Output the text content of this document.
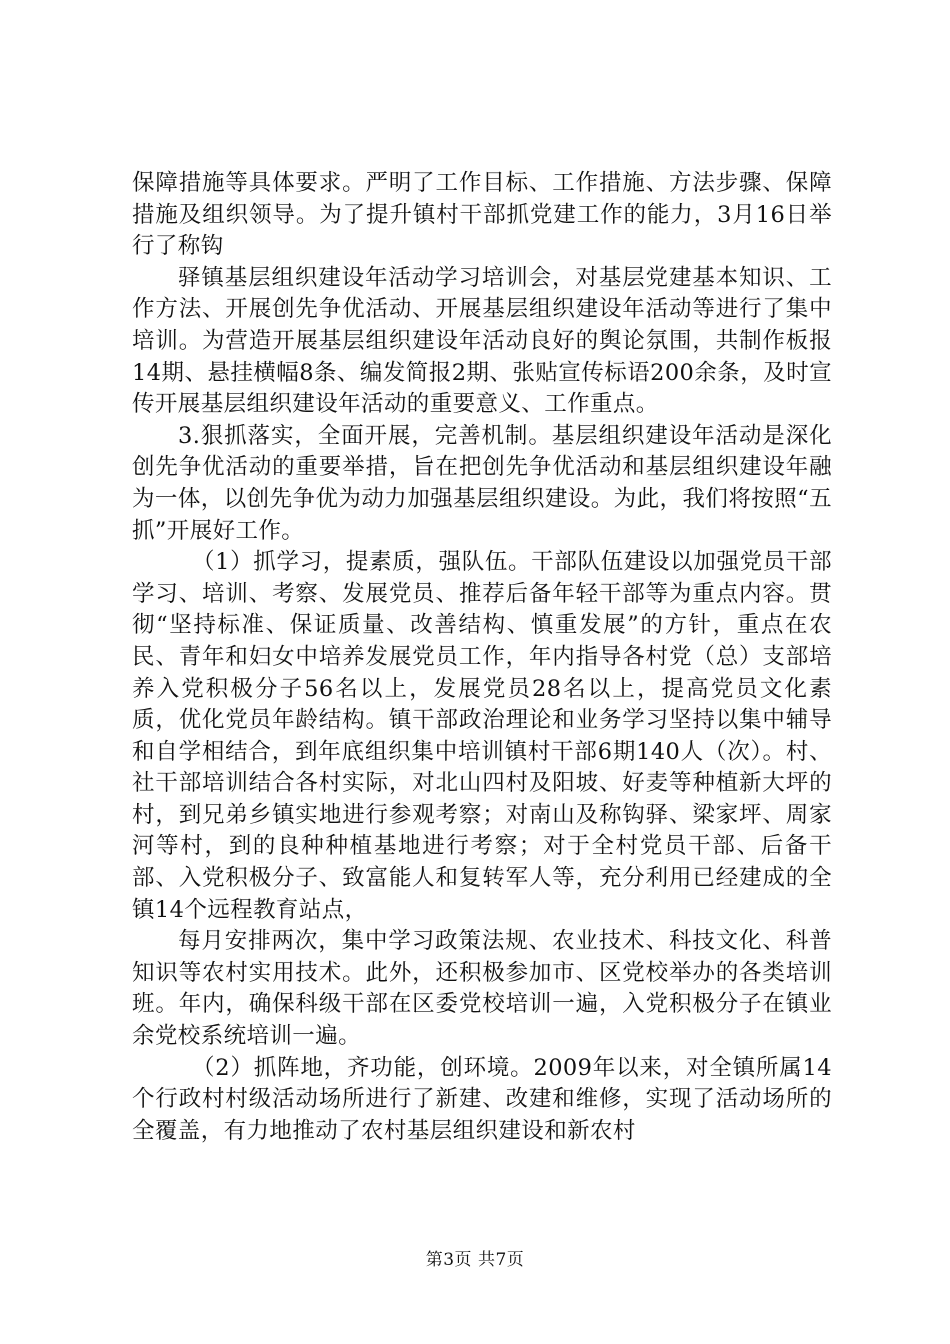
保障措施等具体要求。严明了工作目标、工作措施、方法步骤、保障措施及组织领导。为了提升镇村干部抓党建工作的能力，3月16日举行了称钩

驿镇基层组织建设年活动学习培训会，对基层党建基本知识、工作方法、开展创先争优活动、开展基层组织建设年活动等进行了集中培训。为营造开展基层组织建设年活动良好的舆论氛围，共制作板报14期、悬挂横幅8条、编发简报2期、张贴宣传标语200余条，及时宣传开展基层组织建设年活动的重要意义、工作重点。

3.狠抓落实，全面开展，完善机制。基层组织建设年活动是深化创先争优活动的重要举措，旨在把创先争优活动和基层组织建设年融为一体，以创先争优为动力加强基层组织建设。为此，我们将按照“五抓”开展好工作。

（1）抓学习，提素质，强队伍。干部队伍建设以加强党员干部学习、培训、考察、发展党员、推荐后备年轻干部等为重点内容。贯彻“坚持标准、保证质量、改善结构、慎重发展”的方针，重点在农民、青年和妇女中培养发展党员工作，年内指导各村党（总）支部培养入党积极分子56名以上，发展党员28名以上，提高党员文化素质，优化党员年龄结构。镇干部政治理论和业务学习坚持以集中辅导和自学相结合，到年底组织集中培训镇村干部6期140人（次）。村、社干部培训结合各村实际，对北山四村及阳坡、好麦等种植新大坪的村，到兄弟乡镇实地进行参观考察；对南山及称钩驿、梁家坪、周家河等村，到的良种种植基地进行考察；对于全村党员干部、后备干部、入党积极分子、致富能人和复转军人等，充分利用已经建成的全镇14个远程教育站点，

每月安排两次，集中学习政策法规、农业技术、科技文化、科普知识等农村实用技术。此外，还积极参加市、区党校举办的各类培训班。年内，确保科级干部在区委党校培训一遍，入党积极分子在镇业余党校系统培训一遍。

（2）抓阵地，齐功能，创环境。2009年以来，对全镇所属14个行政村村级活动场所进行了新建、改建和维修，实现了活动场所的全覆盖，有力地推动了农村基层组织建设和新农村

第3页 共7页
